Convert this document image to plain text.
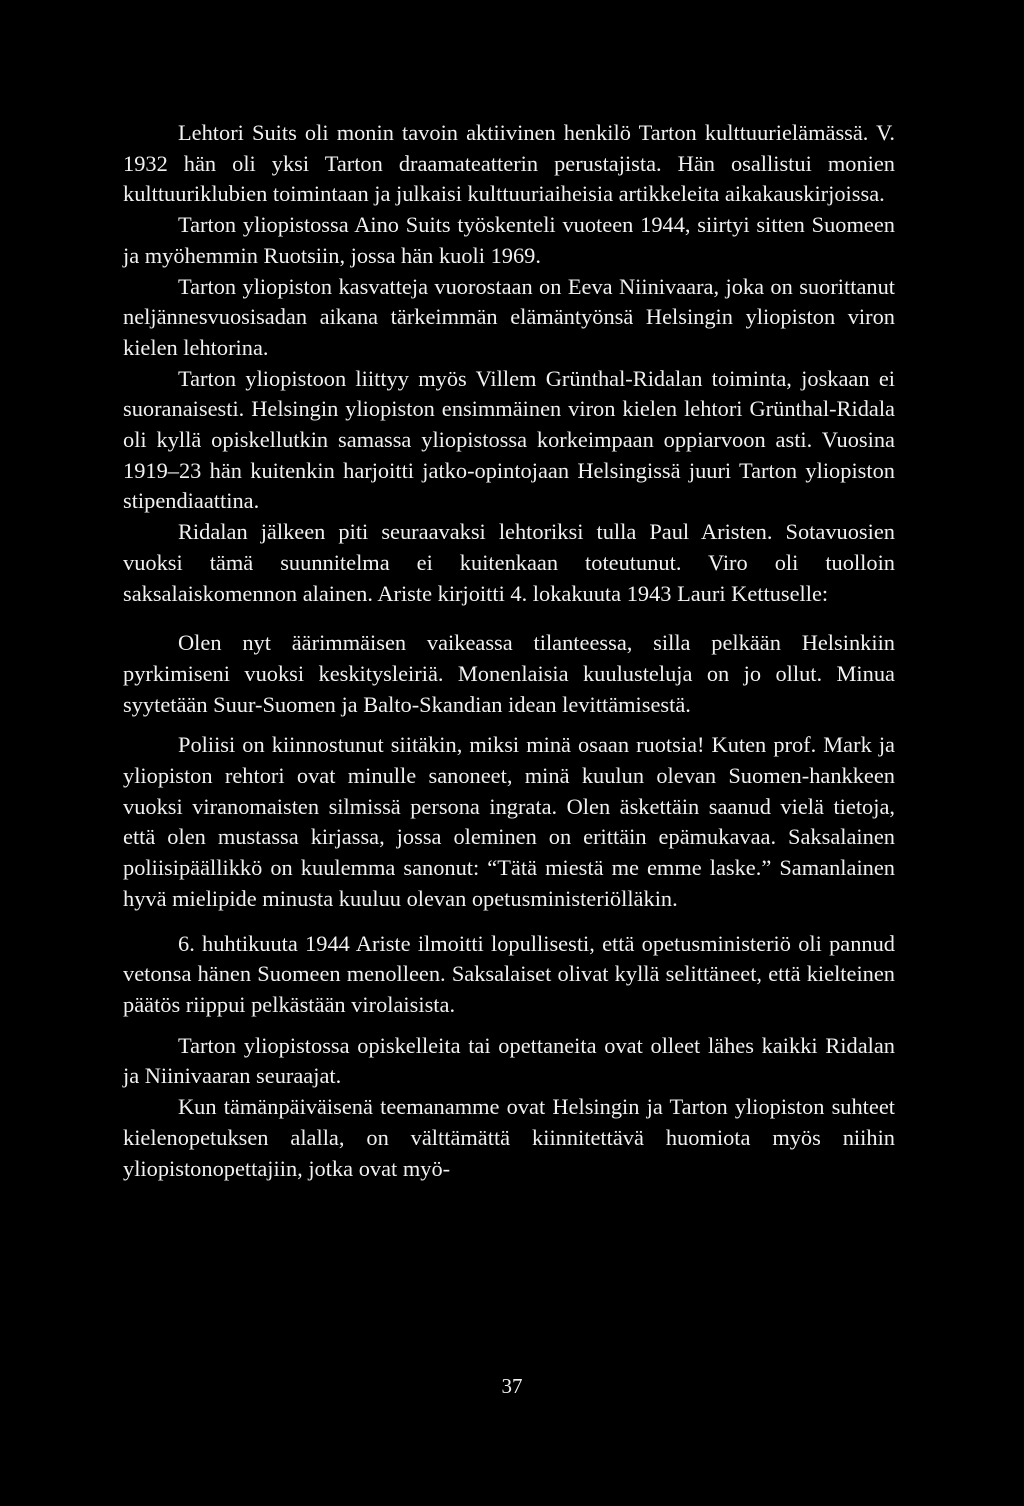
Lehtori Suits oli monin tavoin aktiivinen henkilö Tarton kulttuurielämässä. V. 1932 hän oli yksi Tarton draamateatterin perustajista. Hän osallistui monien kulttuuriklubien toimintaan ja julkaisi kulttuuriaiheisia artikkeleita aikakauskirjoissa.

Tarton yliopistossa Aino Suits työskenteli vuoteen 1944, siirtyi sitten Suomeen ja myöhemmin Ruotsiin, jossa hän kuoli 1969.

Tarton yliopiston kasvatteja vuorostaan on Eeva Niinivaara, joka on suorittanut neljännesvuosisadan aikana tärkeimmän elämäntyönsä Helsingin yliopiston viron kielen lehtorina.

Tarton yliopistoon liittyy myös Villem Grünthal-Ridalan toiminta, joskaan ei suoranaisesti. Helsingin yliopiston ensimmäinen viron kielen lehtori Grünthal-Ridala oli kyllä opiskellutkin samassa yliopistossa korkeimpaan oppiarvoon asti. Vuosina 1919–23 hän kuitenkin harjoitti jatko-opintojaan Helsingissä juuri Tarton yliopiston stipendiaattina.

Ridalan jälkeen piti seuraavaksi lehtoriksi tulla Paul Aristen. Sotavuosien vuoksi tämä suunnitelma ei kuitenkaan toteutunut. Viro oli tuolloin saksalaiskomennon alainen. Ariste kirjoitti 4. lokakuuta 1943 Lauri Kettuselle:

Olen nyt äärimmäisen vaikeassa tilanteessa, silla pelkään Helsinkiin pyrkimiseni vuoksi keskitysleiriä. Monenlaisia kuulusteluja on jo ollut. Minua syytetään Suur-Suomen ja Balto-Skandian idean levittämisestä.

Poliisi on kiinnostunut siitäkin, miksi minä osaan ruotsia! Kuten prof. Mark ja yliopiston rehtori ovat minulle sanoneet, minä kuulun olevan Suomen-hankkeen vuoksi viranomaisten silmissä persona ingrata. Olen äskettäin saanud vielä tietoja, että olen mustassa kirjassa, jossa oleminen on erittäin epämukavaa. Saksalainen poliisipäällikkö on kuulemma sanonut: “Tätä miestä me emme laske.” Samanlainen hyvä mielipide minusta kuuluu olevan opetusministeriölläkin.

6. huhtikuuta 1944 Ariste ilmoitti lopullisesti, että opetusministeriö oli pannud vetonsa hänen Suomeen menolleen. Saksalaiset olivat kyllä selittäneet, että kielteinen päätös riippui pelkästään virolaisista.

Tarton yliopistossa opiskelleita tai opettaneita ovat olleet lähes kaikki Ridalan ja Niinivaaran seuraajat.

Kun tämänpäiväisenä teemanamme ovat Helsingin ja Tarton yliopiston suhteet kielenopetuksen alalla, on välttämättä kiinnitettävä huomiota myös niihin yliopistonopettajiin, jotka ovat myö-

37
